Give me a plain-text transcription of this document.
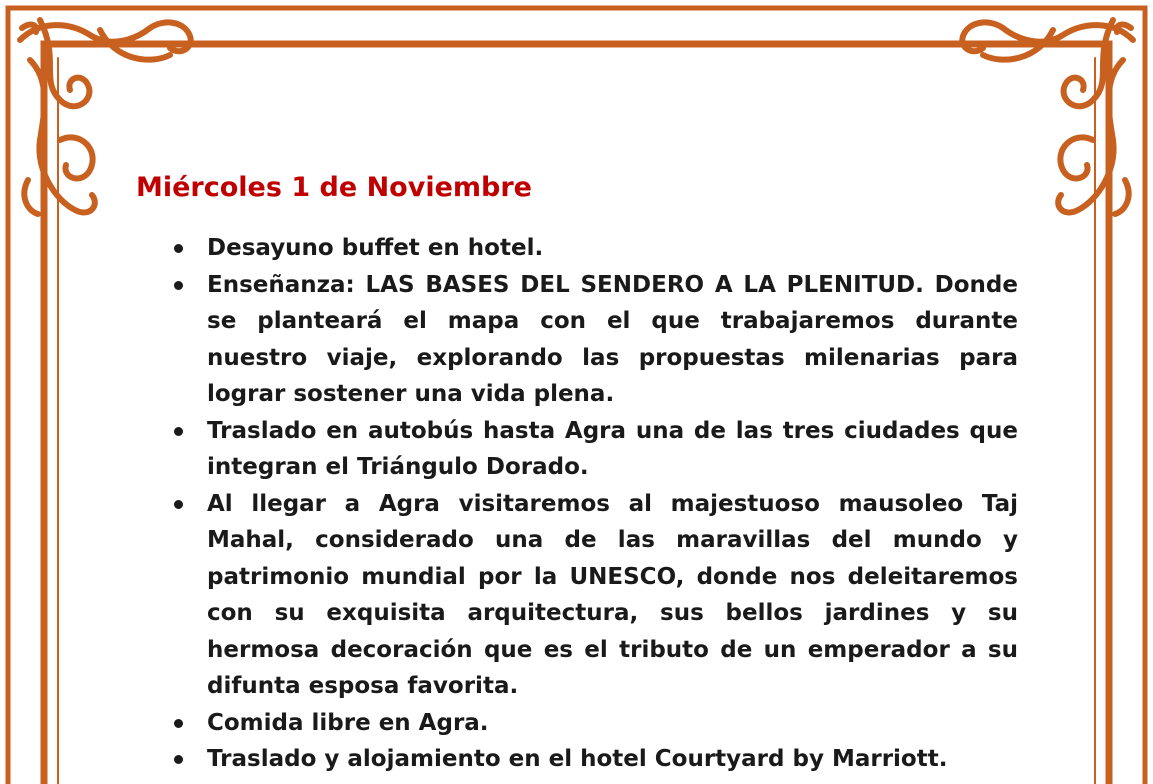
Miércoles 1 de Noviembre
Desayuno buffet en hotel.
Enseñanza: LAS BASES DEL SENDERO A LA PLENITUD. Donde se planteará el mapa con el que trabajaremos durante nuestro viaje, explorando las propuestas milenarias para lograr sostener una vida plena.
Traslado en autobús hasta Agra una de las tres ciudades que integran el Triángulo Dorado.
Al llegar a Agra visitaremos al majestuoso mausoleo Taj Mahal, considerado una de las maravillas del mundo y patrimonio mundial por la UNESCO, donde nos deleitaremos con su exquisita arquitectura, sus bellos jardines y su hermosa decoración que es el tributo de un emperador a su difunta esposa favorita.
Comida libre en Agra.
Traslado y alojamiento en el hotel Courtyard by Marriott.
